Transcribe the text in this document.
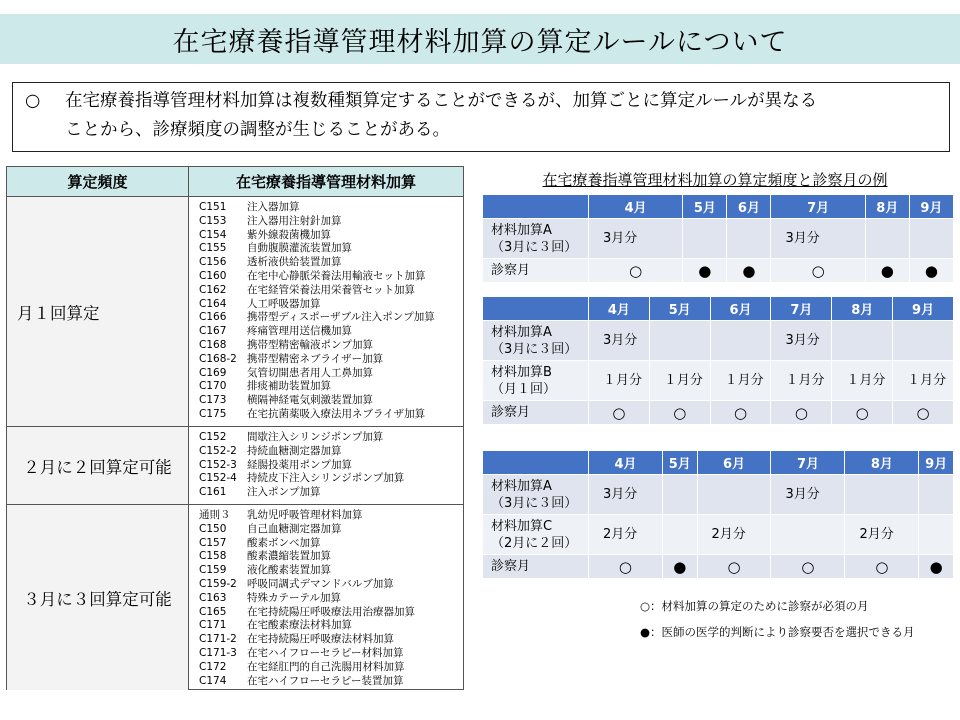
在宅療養指導管理材料加算の算定ルールについて
○ 在宅療養指導管理材料加算は複数種類算定することができるが、加算ごとに算定ルールが異なる
ことから、診療頻度の調整が生じることがある。
算定頻度	在宅療養指導管理材料加算
月１回算定
C151	注入器加算
C153	注入器用注射針加算
C154	紫外線殺菌機加算
C155	自動腹膜灌流装置加算
C156	透析液供給装置加算
C160	在宅中心静脈栄養法用輸液セット加算
C162	在宅経管栄養法用栄養管セット加算
C164	人工呼吸器加算
C166	携帯型ディスポーザブル注入ポンプ加算
C167	疼痛管理用送信機加算
C168	携帯型精密輸液ポンプ加算
C168-2 携帯型精密ネブライザー加算
C169	気管切開患者用人工鼻加算
C170	排痰補助装置加算
C173	横隔神経電気刺激装置加算
C175	在宅抗菌薬吸入療法用ネブライザ加算
２月に２回算定可能
C152	間歇注入シリンジポンプ加算
C152-2 持続血糖測定器加算
C152-3 経腸投薬用ポンプ加算
C152-4 持続皮下注入シリンジポンプ加算
C161	注入ポンプ加算
３月に３回算定可能
通則３	乳幼児呼吸管理材料加算
C150	自己血糖測定器加算
C157	酸素ボンベ加算
C158	酸素濃縮装置加算
C159	液化酸素装置加算
C159-2 呼吸同調式デマンドバルブ加算
C163	特殊カテーテル加算
C165	在宅持続陽圧呼吸療法用治療器加算
C171	在宅酸素療法材料加算
C171-2 在宅持続陽圧呼吸療法材料加算
C171-3 在宅ハイフローセラピー材料加算
C172	在宅経肛門的自己洗腸用材料加算
C174	在宅ハイフローセラピー装置加算
在宅療養指導管理材料加算の算定頻度と診察月の例
	4月	5月	6月	7月	8月	9月

材料加算A
（3月に３回）	3月分			3月分		

診察月	○	●	●	○	●	●
	4月	5月	6月	7月	8月	9月

材料加算A
（3月に３回）	3月分			3月分		

材料加算B
（月１回）	１月分	１月分	１月分	１月分	１月分	１月分

診察月	○	○	○	○	○	○
	4月	5月	6月	7月	8月	9月

材料加算A
（3月に３回）	3月分			3月分		

材料加算C
（2月に２回）	2月分		2月分		2月分	

診察月	○	●	○	○	○	●
○：材料加算の算定のために診察が必須の月
●：医師の医学的判断により診察要否を選択できる月
